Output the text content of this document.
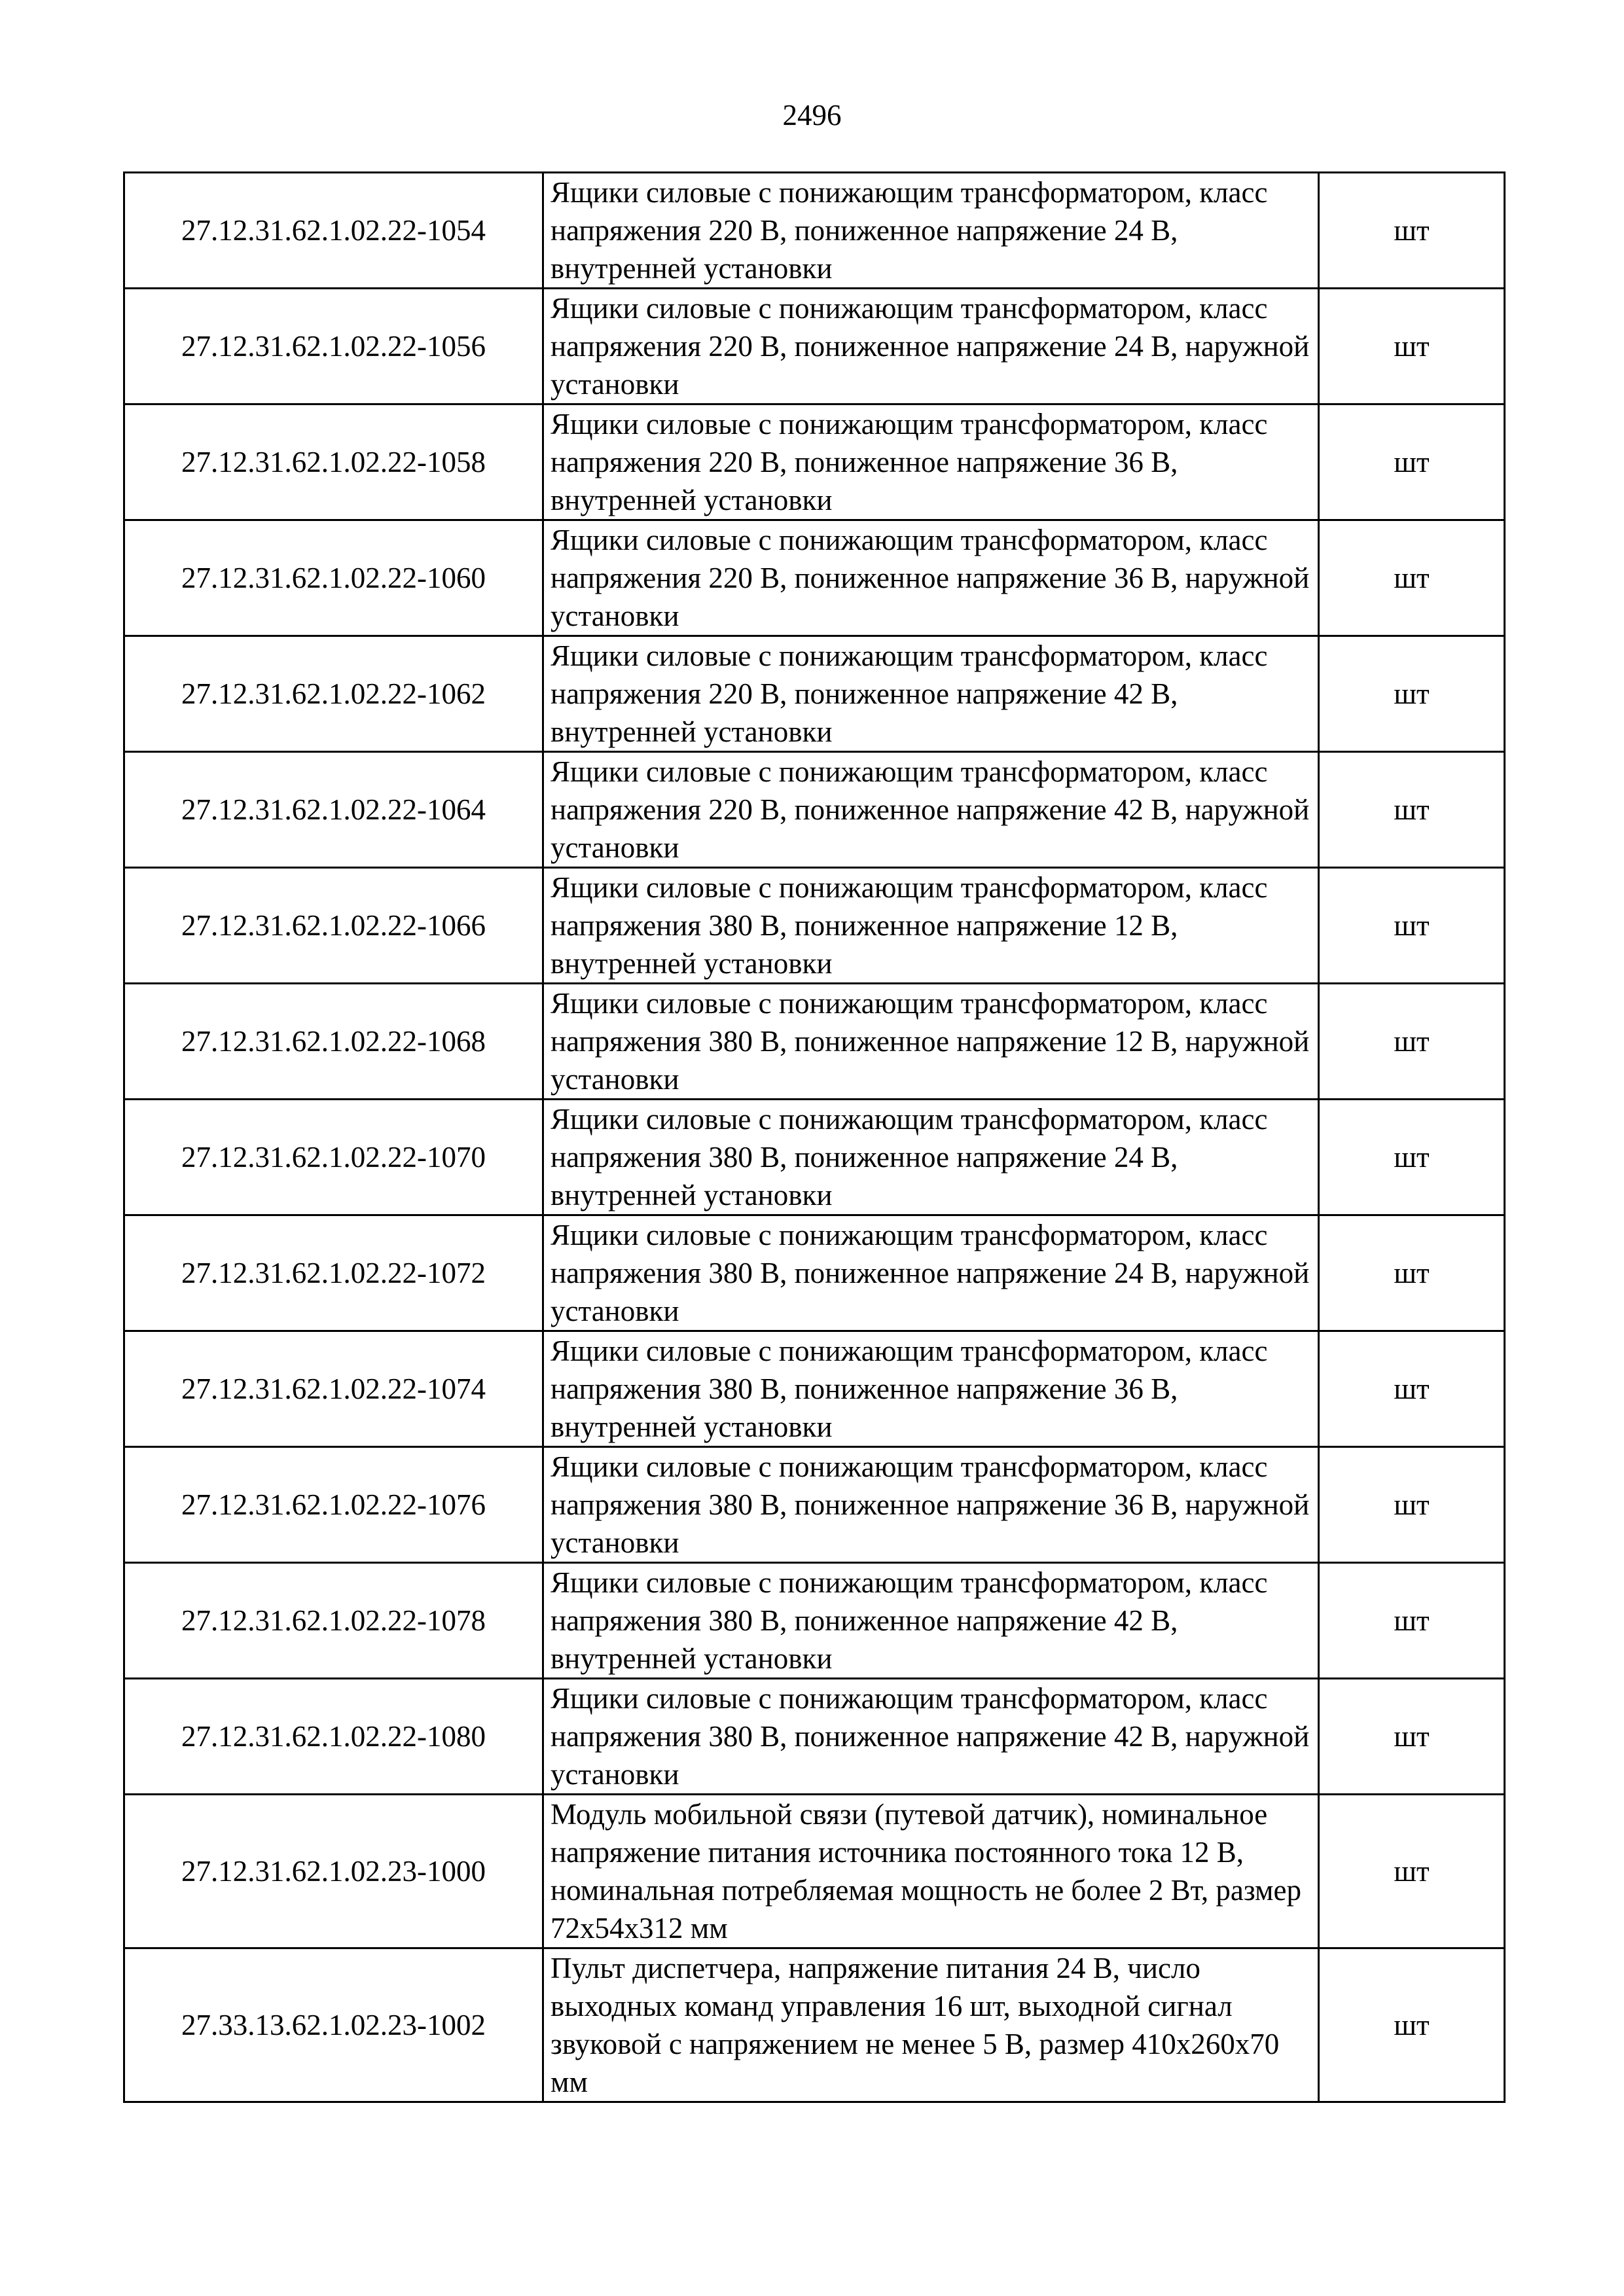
2496
27.12.31.62.1.02.22-1054	Ящики силовые с понижающим трансформатором, класс напряжения 220 В, пониженное напряжение 24 В, внутренней установки	шт
27.12.31.62.1.02.22-1056	Ящики силовые с понижающим трансформатором, класс напряжения 220 В, пониженное напряжение 24 В, наружной установки	шт
27.12.31.62.1.02.22-1058	Ящики силовые с понижающим трансформатором, класс напряжения 220 В, пониженное напряжение 36 В, внутренней установки	шт
27.12.31.62.1.02.22-1060	Ящики силовые с понижающим трансформатором, класс напряжения 220 В, пониженное напряжение 36 В, наружной установки	шт
27.12.31.62.1.02.22-1062	Ящики силовые с понижающим трансформатором, класс напряжения 220 В, пониженное напряжение 42 В, внутренней установки	шт
27.12.31.62.1.02.22-1064	Ящики силовые с понижающим трансформатором, класс напряжения 220 В, пониженное напряжение 42 В, наружной установки	шт
27.12.31.62.1.02.22-1066	Ящики силовые с понижающим трансформатором, класс напряжения 380 В, пониженное напряжение 12 В, внутренней установки	шт
27.12.31.62.1.02.22-1068	Ящики силовые с понижающим трансформатором, класс напряжения 380 В, пониженное напряжение 12 В, наружной установки	шт
27.12.31.62.1.02.22-1070	Ящики силовые с понижающим трансформатором, класс напряжения 380 В, пониженное напряжение 24 В, внутренней установки	шт
27.12.31.62.1.02.22-1072	Ящики силовые с понижающим трансформатором, класс напряжения 380 В, пониженное напряжение 24 В, наружной установки	шт
27.12.31.62.1.02.22-1074	Ящики силовые с понижающим трансформатором, класс напряжения 380 В, пониженное напряжение 36 В, внутренней установки	шт
27.12.31.62.1.02.22-1076	Ящики силовые с понижающим трансформатором, класс напряжения 380 В, пониженное напряжение 36 В, наружной установки	шт
27.12.31.62.1.02.22-1078	Ящики силовые с понижающим трансформатором, класс напряжения 380 В, пониженное напряжение 42 В, внутренней установки	шт
27.12.31.62.1.02.22-1080	Ящики силовые с понижающим трансформатором, класс напряжения 380 В, пониженное напряжение 42 В, наружной установки	шт
27.12.31.62.1.02.23-1000	Модуль мобильной связи (путевой датчик), номинальное напряжение питания источника постоянного тока 12 В, номинальная потребляемая мощность не более 2 Вт, размер 72х54х312 мм	шт
27.33.13.62.1.02.23-1002	Пульт диспетчера, напряжение питания 24 В, число выходных команд управления 16 шт, выходной сигнал звуковой с напряжением не менее 5 В, размер 410х260х70 мм	шт
